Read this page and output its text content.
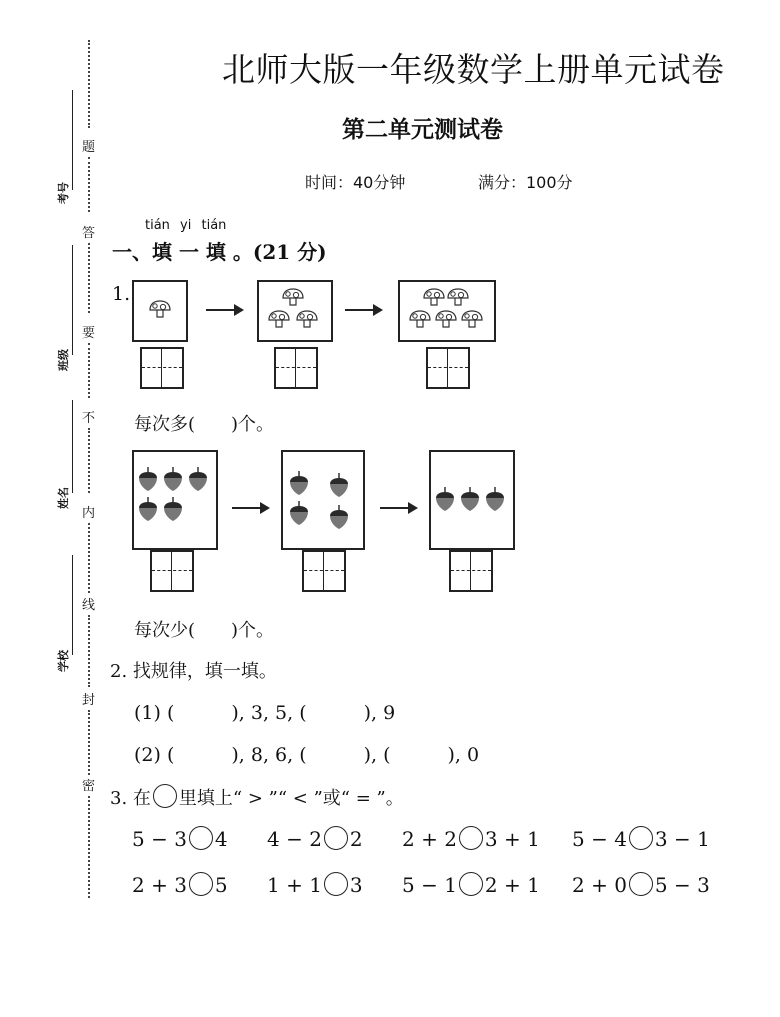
北师大版一年级数学上册单元试卷
第二单元测试卷
时间：40分钟	满分：100分
题
答
要
不
内
线
封
密
考号
班级
姓名
学校
tián yi tián
一、填 一 填 。(21 分)
1.
每次多(　　)个。
每次少(　　)个。
2. 找规律，填一填。
(1) (　　　), 3, 5, (　　　), 9
(2) (　　　), 8, 6, (　　　), (　　　), 0
3. 在 里填上“ > ”“ < ”或“ = ”。
5 − 3 4 4 − 2 2 2 + 2 3 + 1 5 − 4 3 − 1
2 + 3 5 1 + 1 3 5 − 1 2 + 1 2 + 0 5 − 3
